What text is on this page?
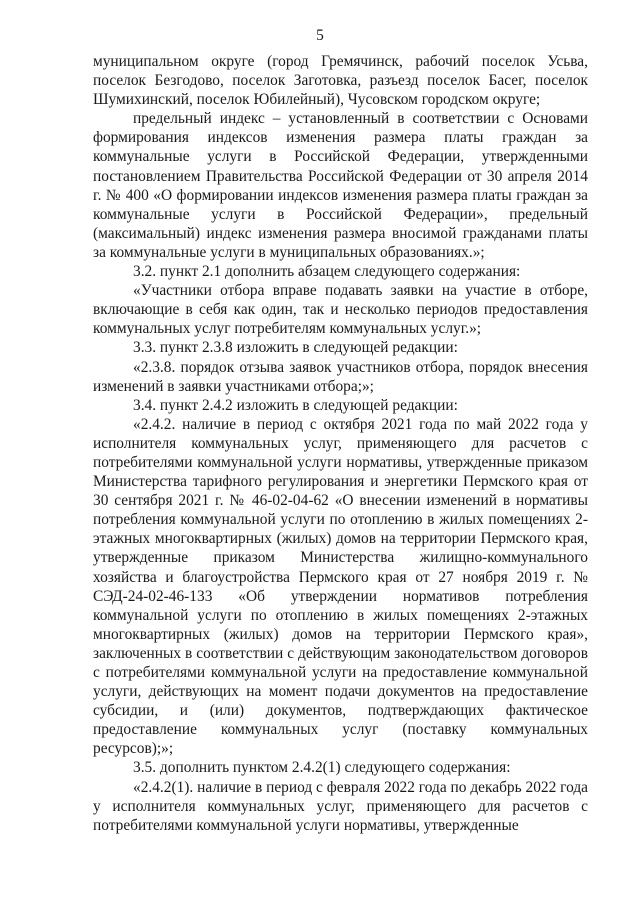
5

муниципальном округе (город Гремячинск, рабочий поселок Усьва, поселок Безгодово, поселок Заготовка, разъезд поселок Басег, поселок Шумихинский, поселок Юбилейный), Чусовском городском округе;

предельный индекс – установленный в соответствии с Основами формирования индексов изменения размера платы граждан за коммунальные услуги в Российской Федерации, утвержденными постановлением Правительства Российской Федерации от 30 апреля 2014 г. № 400 «О формировании индексов изменения размера платы граждан за коммунальные услуги в Российской Федерации», предельный (максимальный) индекс изменения размера вносимой гражданами платы за коммунальные услуги в муниципальных образованиях.»;

3.2. пункт 2.1 дополнить абзацем следующего содержания:

«Участники отбора вправе подавать заявки на участие в отборе, включающие в себя как один, так и несколько периодов предоставления коммунальных услуг потребителям коммунальных услуг.»;

3.3. пункт 2.3.8 изложить в следующей редакции:

«2.3.8. порядок отзыва заявок участников отбора, порядок внесения изменений в заявки участниками отбора;»;

3.4. пункт 2.4.2 изложить в следующей редакции:

«2.4.2. наличие в период с октября 2021 года по май 2022 года у исполнителя коммунальных услуг, применяющего для расчетов с потребителями коммунальной услуги нормативы, утвержденные приказом Министерства тарифного регулирования и энергетики Пермского края от 30 сентября 2021 г. № 46-02-04-62 «О внесении изменений в нормативы потребления коммунальной услуги по отоплению в жилых помещениях 2-этажных многоквартирных (жилых) домов на территории Пермского края, утвержденные приказом Министерства жилищно-коммунального хозяйства и благоустройства Пермского края от 27 ноября 2019 г. № СЭД-24-02-46-133 «Об утверждении нормативов потребления коммунальной услуги по отоплению в жилых помещениях 2-этажных многоквартирных (жилых) домов на территории Пермского края», заключенных в соответствии с действующим законодательством договоров с потребителями коммунальной услуги на предоставление коммунальной услуги, действующих на момент подачи документов на предоставление субсидии, и (или) документов, подтверждающих фактическое предоставление коммунальных услуг (поставку коммунальных ресурсов);»;

3.5. дополнить пунктом 2.4.2(1) следующего содержания:

«2.4.2(1). наличие в период с февраля 2022 года по декабрь 2022 года у исполнителя коммунальных услуг, применяющего для расчетов с потребителями коммунальной услуги нормативы, утвержденные
